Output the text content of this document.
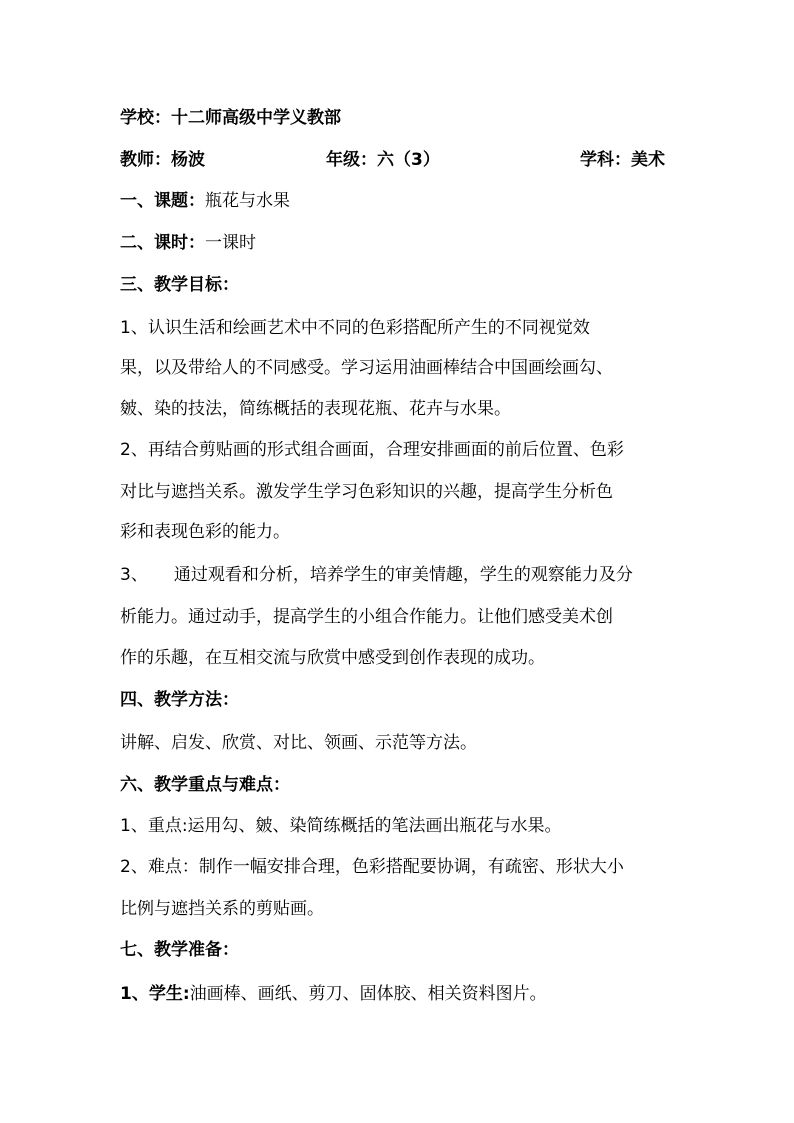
学校：十二师高级中学义教部
教师：杨波	年级：六（3）	学科：美术
一、课题：瓶花与水果
二、课时：一课时
三、教学目标：
1、认识生活和绘画艺术中不同的色彩搭配所产生的不同视觉效
果，以及带给人的不同感受。学习运用油画棒结合中国画绘画勾、
皴、染的技法，简练概括的表现花瓶、花卉与水果。
2、再结合剪贴画的形式组合画面，合理安排画面的前后位置、色彩
对比与遮挡关系。激发学生学习色彩知识的兴趣，提高学生分析色
彩和表现色彩的能力。
3、 通过观看和分析，培养学生的审美情趣，学生的观察能力及分
析能力。通过动手，提高学生的小组合作能力。让他们感受美术创
作的乐趣，在互相交流与欣赏中感受到创作表现的成功。
四、教学方法：
讲解、启发、欣赏、对比、领画、示范等方法。
六、教学重点与难点：
1、重点:运用勾、皴、染简练概括的笔法画出瓶花与水果。
2、难点：制作一幅安排合理，色彩搭配要协调，有疏密、形状大小
比例与遮挡关系的剪贴画。
七、教学准备：
1、学生:油画棒、画纸、剪刀、固体胶、相关资料图片。
